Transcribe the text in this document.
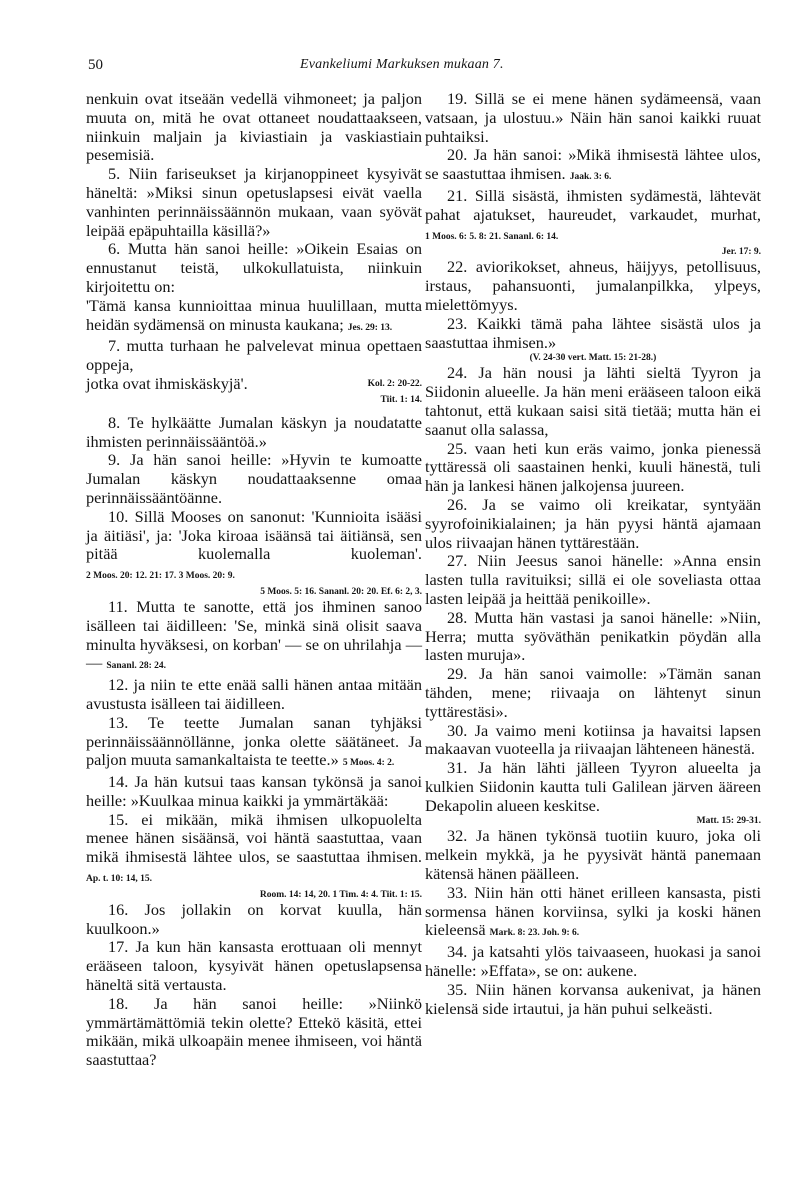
50	Evankeliumi Markuksen mukaan 7.

nenkuin ovat itseään vedellä vihmoneet; ja paljon muuta on, mitä he ovat ottaneet noudattaakseen, niinkuin maljain ja kiviastiain ja vaskiastiain pesemisiä.

5. Niin fariseukset ja kirjanoppineet kysyivät häneltä: »Miksi sinun opetuslapsesi eivät vaella vanhinten perinnäissäännön mukaan, vaan syövät leipää epäpuhtailla käsillä?»

6. Mutta hän sanoi heille: »Oikein Esaias on ennustanut teistä, ulkokullatuista, niinkuin kirjoitettu on:

'Tämä kansa kunnioittaa minua huulillaan, mutta heidän sydämensä on minusta kaukana; Jes. 29: 13.

7. mutta turhaan he palvelevat minua opettaen oppeja,

jotka ovat ihmiskäskyjä'.	Kol. 2: 20-22.

Tiit. 1: 14.

8. Te hylkäätte Jumalan käskyn ja noudatatte ihmisten perinnäissääntöä.»

9. Ja hän sanoi heille: »Hyvin te kumoatte Jumalan käskyn noudattaaksenne omaa perinnäissääntöänne.

10. Sillä Mooses on sanonut: 'Kunnioita isääsi ja äitiäsi', ja: 'Joka kiroaa isäänsä tai äitiänsä, sen pitää kuolemalla kuoleman'. 2 Moos. 20: 12. 21: 17. 3 Moos. 20: 9.

5 Moos. 5: 16. Sananl. 20: 20. Ef. 6: 2, 3.

11. Mutta te sanotte, että jos ihminen sanoo isälleen tai äidilleen: 'Se, minkä sinä olisit saava minulta hyväksesi, on korban' — se on uhrilahja — — Sananl. 28: 24.

12. ja niin te ette enää salli hänen antaa mitään avustusta isälleen tai äidilleen.

13. Te teette Jumalan sanan tyhjäksi perinnäissäännöllänne, jonka olette säätäneet. Ja paljon muuta samankaltaista te teette.» 5 Moos. 4: 2.

14. Ja hän kutsui taas kansan tykönsä ja sanoi heille: »Kuulkaa minua kaikki ja ymmärtäkää:

15. ei mikään, mikä ihmisen ulkopuolelta menee hänen sisäänsä, voi häntä saastuttaa, vaan mikä ihmisestä lähtee ulos, se saastuttaa ihmisen. Ap. t. 10: 14, 15.

Room. 14: 14, 20. 1 Tim. 4: 4. Tiit. 1: 15.

16. Jos jollakin on korvat kuulla, hän kuulkoon.»

17. Ja kun hän kansasta erottuaan oli mennyt erääseen taloon, kysyivät hänen opetuslapsensa häneltä sitä vertausta.

18. Ja hän sanoi heille: »Niinkö ymmärtämättömiä tekin olette? Ettekö käsitä, ettei mikään, mikä ulkoapäin menee ihmiseen, voi häntä saastuttaa?

19. Sillä se ei mene hänen sydämeensä, vaan vatsaan, ja ulostuu.» Näin hän sanoi kaikki ruuat puhtaiksi.

20. Ja hän sanoi: »Mikä ihmisestä lähtee ulos, se saastuttaa ihmisen. Jaak. 3: 6.

21. Sillä sisästä, ihmisten sydämestä, lähtevät pahat ajatukset, haureudet, varkaudet, murhat, 1 Moos. 6: 5. 8: 21. Sananl. 6: 14.

Jer. 17: 9.

22. aviorikokset, ahneus, häijyys, petollisuus, irstaus, pahansuonti, jumalanpilkka, ylpeys, mielettömyys.

23. Kaikki tämä paha lähtee sisästä ulos ja saastuttaa ihmisen.»

(V. 24-30 vert. Matt. 15: 21-28.)

24. Ja hän nousi ja lähti sieltä Tyyron ja Siidonin alueelle. Ja hän meni erääseen taloon eikä tahtonut, että kukaan saisi sitä tietää; mutta hän ei saanut olla salassa,

25. vaan heti kun eräs vaimo, jonka pienessä tyttäressä oli saastainen henki, kuuli hänestä, tuli hän ja lankesi hänen jalkojensa juureen.

26. Ja se vaimo oli kreikatar, syntyään syyrofoinikialainen; ja hän pyysi häntä ajamaan ulos riivaajan hänen tyttärestään.

27. Niin Jeesus sanoi hänelle: »Anna ensin lasten tulla ravituiksi; sillä ei ole soveliasta ottaa lasten leipää ja heittää penikoille».

28. Mutta hän vastasi ja sanoi hänelle: »Niin, Herra; mutta syöväthän penikatkin pöydän alla lasten muruja».

29. Ja hän sanoi vaimolle: »Tämän sanan tähden, mene; riivaaja on lähtenyt sinun tyttärestäsi».

30. Ja vaimo meni kotiinsa ja havaitsi lapsen makaavan vuoteella ja riivaajan lähteneen hänestä.

31. Ja hän lähti jälleen Tyyron alueelta ja kulkien Siidonin kautta tuli Galilean järven ääreen Dekapolin alueen keskitse.

Matt. 15: 29-31.

32. Ja hänen tykönsä tuotiin kuuro, joka oli melkein mykkä, ja he pyysivät häntä panemaan kätensä hänen päälleen.

33. Niin hän otti hänet erilleen kansasta, pisti sormensa hänen korviinsa, sylki ja koski hänen kieleensä Mark. 8: 23. Joh. 9: 6.

34. ja katsahti ylös taivaaseen, huokasi ja sanoi hänelle: »Effata», se on: aukene.

35. Niin hänen korvansa aukenivat, ja hänen kielensä side irtautui, ja hän puhui selkeästi.
